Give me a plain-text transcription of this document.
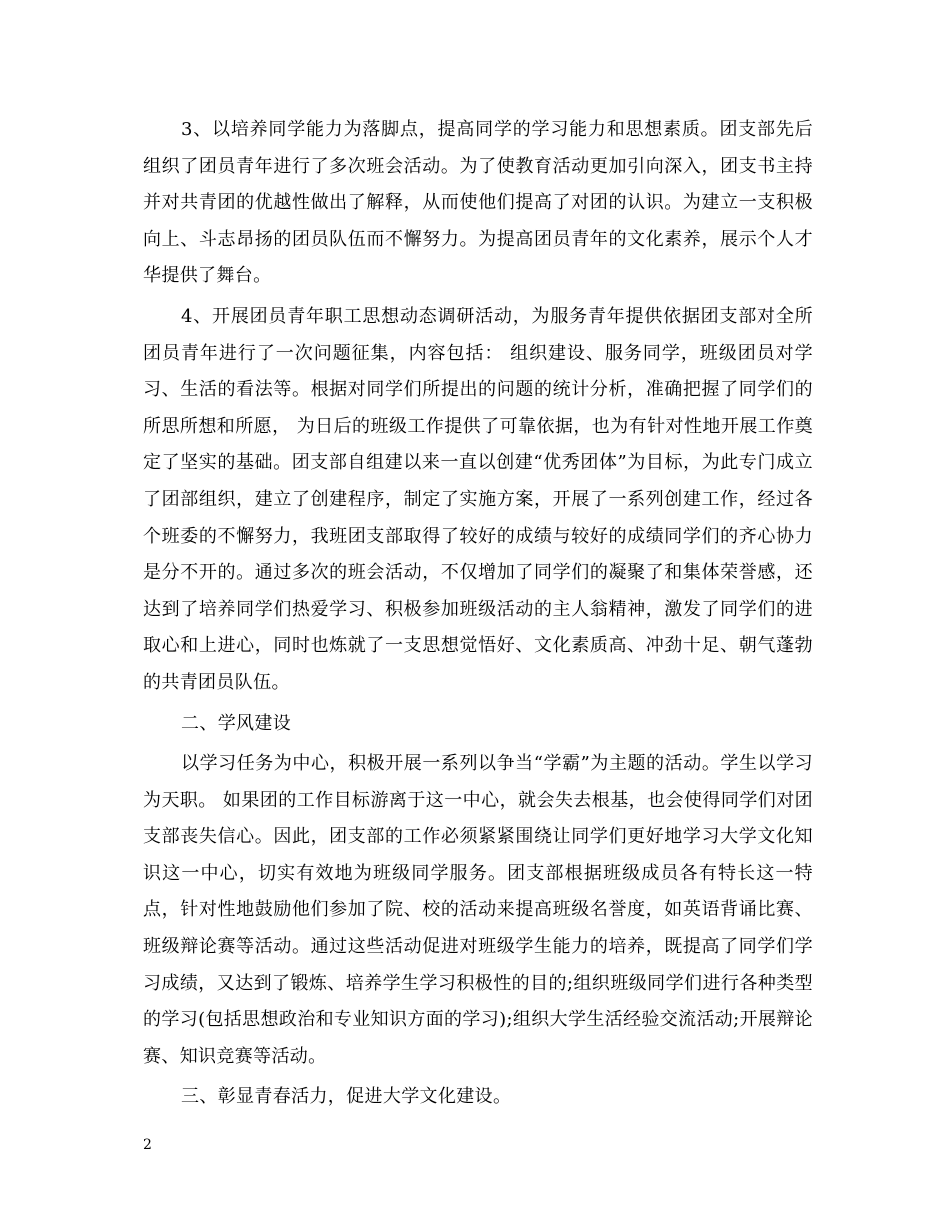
3、以培养同学能力为落脚点，提高同学的学习能力和思想素质。团支部先后组织了团员青年进行了多次班会活动。为了使教育活动更加引向深入，团支书主持并对共青团的优越性做出了解释，从而使他们提高了对团的认识。为建立一支积极向上、斗志昂扬的团员队伍而不懈努力。为提高团员青年的文化素养，展示个人才华提供了舞台。

4、开展团员青年职工思想动态调研活动，为服务青年提供依据团支部对全所团员青年进行了一次问题征集，内容包括： 组织建设、服务同学，班级团员对学习、生活的看法等。根据对同学们所提出的问题的统计分析，准确把握了同学们的所思所想和所愿， 为日后的班级工作提供了可靠依据，也为有针对性地开展工作奠定了坚实的基础。团支部自组建以来一直以创建“优秀团体”为目标，为此专门成立了团部组织，建立了创建程序，制定了实施方案，开展了一系列创建工作，经过各个班委的不懈努力，我班团支部取得了较好的成绩与较好的成绩同学们的齐心协力是分不开的。通过多次的班会活动，不仅增加了同学们的凝聚了和集体荣誉感，还达到了培养同学们热爱学习、积极参加班级活动的主人翁精神，激发了同学们的进取心和上进心，同时也炼就了一支思想觉悟好、文化素质高、冲劲十足、朝气蓬勃的共青团员队伍。

二、学风建设

以学习任务为中心，积极开展一系列以争当“学霸”为主题的活动。学生以学习为天职。 如果团的工作目标游离于这一中心，就会失去根基，也会使得同学们对团支部丧失信心。因此，团支部的工作必须紧紧围绕让同学们更好地学习大学文化知识这一中心，切实有效地为班级同学服务。团支部根据班级成员各有特长这一特点，针对性地鼓励他们参加了院、校的活动来提高班级名誉度，如英语背诵比赛、班级辩论赛等活动。通过这些活动促进对班级学生能力的培养，既提高了同学们学习成绩，又达到了锻炼、培养学生学习积极性的目的;组织班级同学们进行各种类型的学习(包括思想政治和专业知识方面的学习);组织大学生活经验交流活动;开展辩论赛、知识竞赛等活动。

三、彰显青春活力，促进大学文化建设。

2
